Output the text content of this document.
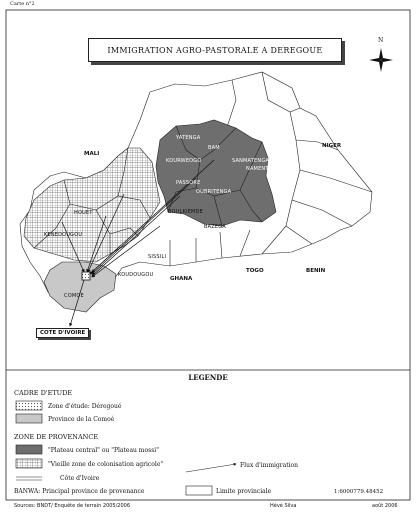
Carte n°2
IMMIGRATION AGRO-PASTORALE A DEREGOUE
N
MALI
NIGER
GHANA
TOGO	BENIN
COTE D'IVOIRE
YATENGA
BAM
SANMATENGA
NAMENTENGA
PASSORE
OUBRITENGA
KOURWEOGO
BOULKIEMDE
BAZEGA
SISSILI
KOUDOUGOU
COMOE
HOUET
KENEDOUGOU
LEGENDE
CADRE D'ETUDE
Zone d'étude: Déregoué
Province de la Comoé
ZONE DE PROVENANCE
"Plateau central" ou "Plateau mossi"
"Vieille zone de colonisation agricole"
Côte d'Ivoire
BANWA: Principal province de provenance
Flux d'immigration
Limite provinciale	1:6000779.48452
Sources: BNDT/ Enquête de terrain 2005/2006	Hévé Silva	août 2006
